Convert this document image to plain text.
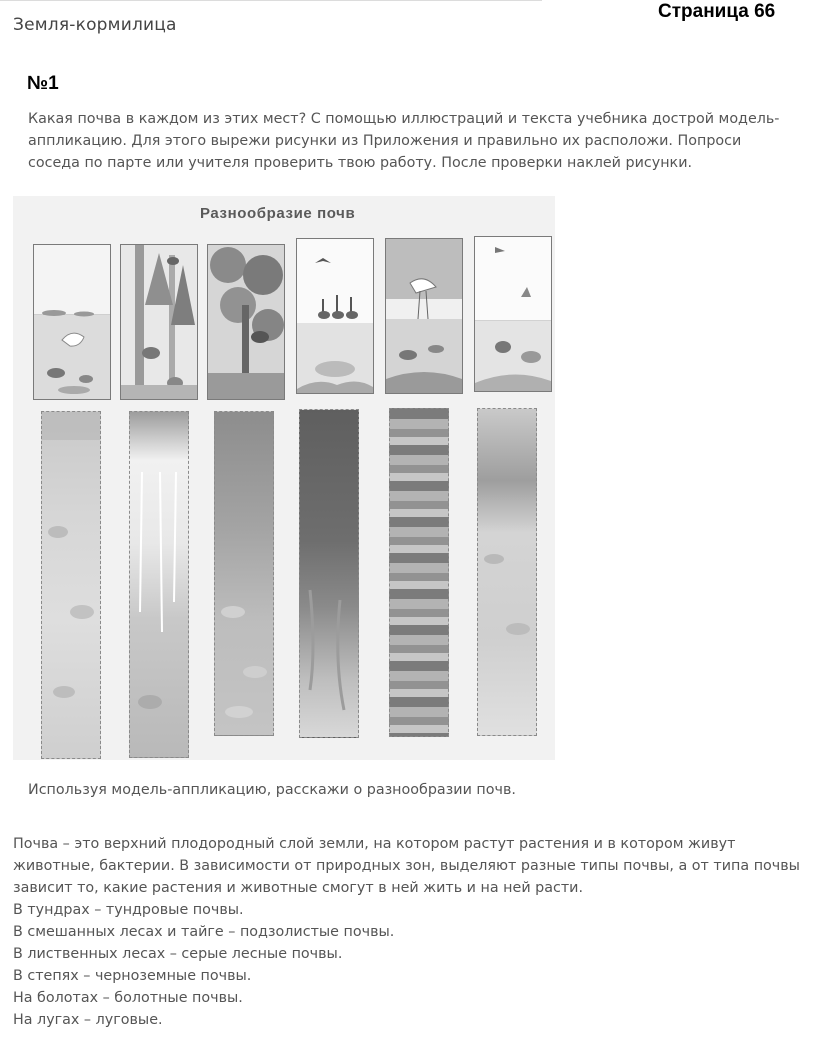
Земля-кормилица
Страница 66
№1
Какая почва в каждом из этих мест? С помощью иллюстраций и текста учебника дострой модель-аппликацию. Для этого вырежи рисунки из Приложения и правильно их расположи. Попроси соседа по парте или учителя проверить твою работу. После проверки наклей рисунки.
Разнообразие почв
Используя модель-аппликацию, расскажи о разнообразии почв.

Почва – это верхний плодородный слой земли, на котором растут растения и в котором живут животные, бактерии. В зависимости от природных зон, выделяют разные типы почвы, а от типа почвы зависит то, какие растения и животные смогут в ней жить и на ней расти.

В тундрах – тундровые почвы.

В смешанных лесах и тайге – подзолистые почвы.

В лиственных лесах – серые лесные почвы.

В степях – черноземные почвы.

На болотах – болотные почвы.

На лугах – луговые.
